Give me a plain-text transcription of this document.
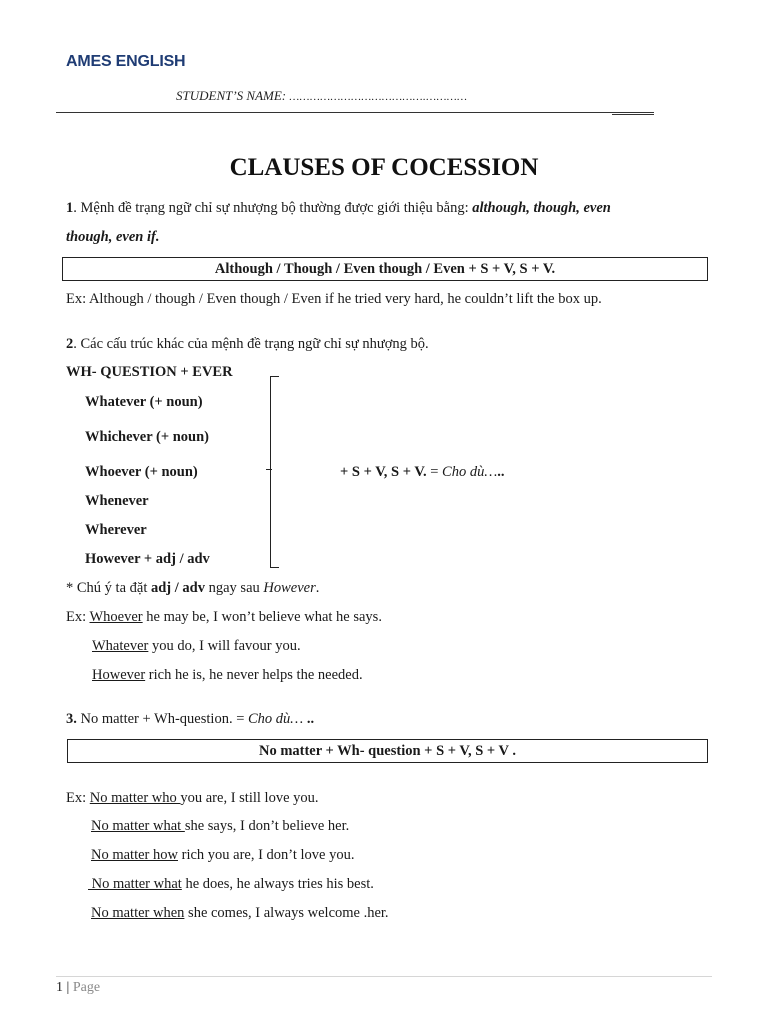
AMES ENGLISH
STUDENT’S NAME: ………………………………….…………
CLAUSES OF COCESSION
1. Mệnh đề trạng ngữ chỉ sự nhượng bộ thường được giới thiệu bằng: although, though, even
though, even if.
Although / Though / Even though / Even + S + V, S + V.
Ex: Although / though / Even though / Even if he tried very hard, he couldn’t lift the box up.
2. Các cấu trúc khác của mệnh đề trạng ngữ chỉ sự nhượng bộ.
WH- QUESTION + EVER
Whatever (+ noun)
Whichever (+ noun)
Whoever (+ noun)
Whenever
Wherever
However + adj / adv
+ S + V, S + V. = Cho dù…..
* Chú ý ta đặt adj / adv ngay sau However.
Ex: Whoever he may be, I won’t believe what he says.
Whatever you do, I will favour you.
However rich he is, he never helps the needed.
3. No matter + Wh-question. = Cho dù… ..
No matter + Wh- question + S + V, S + V .
Ex: No matter who you are, I still love you.
No matter what she says, I don’t believe her.
No matter how rich you are, I don’t love you.
No matter what he does, he always tries his best.
No matter when she comes, I always welcome .her.
1 | Page
